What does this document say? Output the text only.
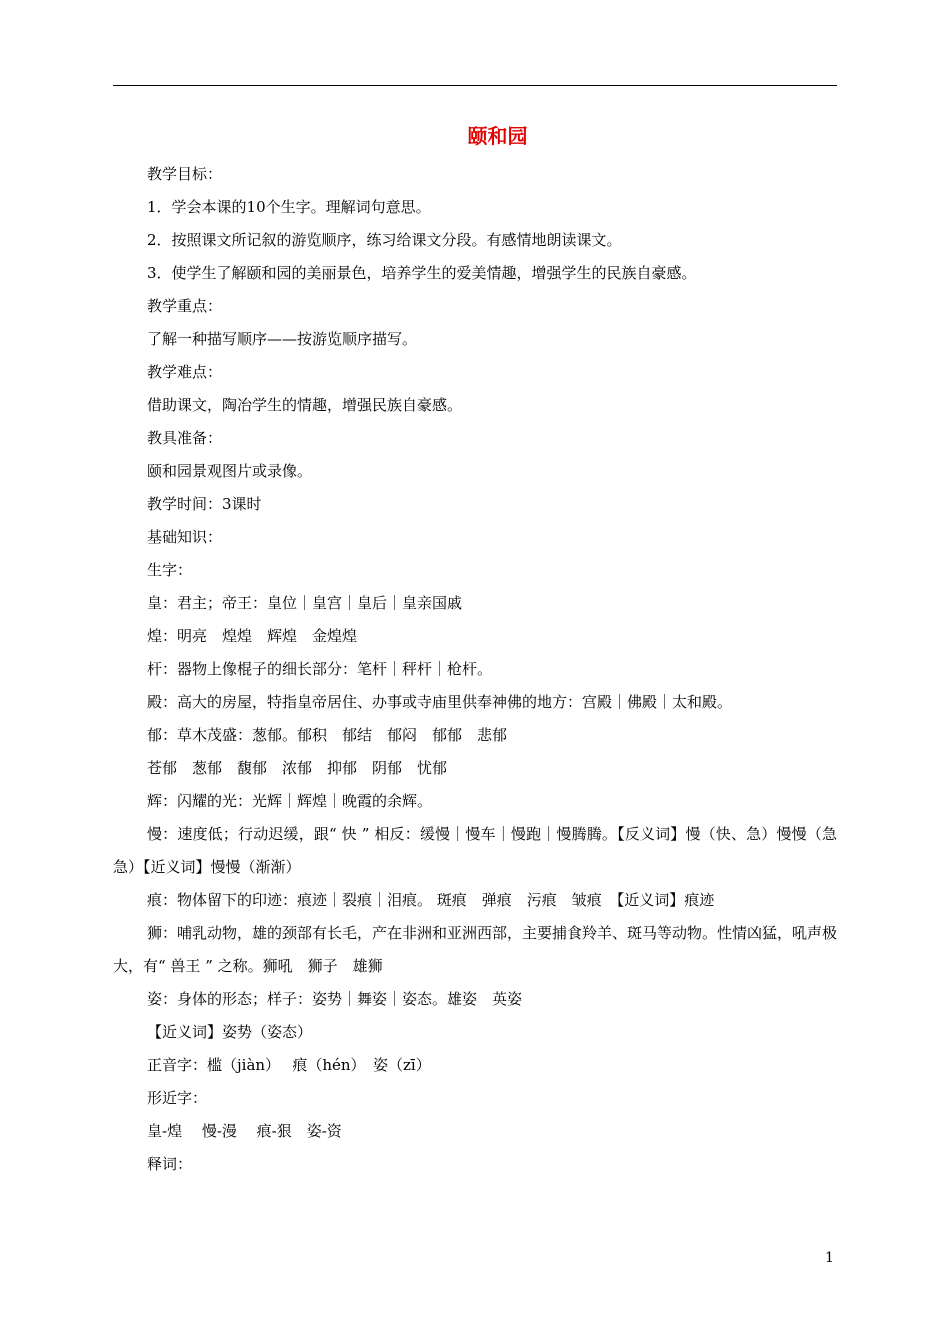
颐和园

教学目标：

1．学会本课的10个生字。理解词句意思。

2．按照课文所记叙的游览顺序，练习给课文分段。有感情地朗读课文。

3．使学生了解颐和园的美丽景色，培养学生的爱美情趣，增强学生的民族自豪感。

教学重点：

了解一种描写顺序——按游览顺序描写。

教学难点：

借助课文，陶冶学生的情趣，增强民族自豪感。

教具准备：

颐和园景观图片或录像。

教学时间：3课时

基础知识：

生字：

皇：君主；帝王：皇位｜皇宫｜皇后｜皇亲国戚

煌：明亮　煌煌　辉煌　金煌煌

杆：器物上像棍子的细长部分：笔杆｜秤杆｜枪杆。

殿：高大的房屋，特指皇帝居住、办事或寺庙里供奉神佛的地方：宫殿｜佛殿｜太和殿。

郁：草木茂盛：葱郁。郁积　郁结　郁闷　郁郁　悲郁

苍郁　葱郁　馥郁　浓郁　抑郁　阴郁　忧郁

辉：闪耀的光：光辉｜辉煌｜晚霞的余辉。

慢：速度低；行动迟缓，跟“ 快 ” 相反：缓慢｜慢车｜慢跑｜慢腾腾。【反义词】慢（快、急）慢慢（急急）【近义词】慢慢（渐渐）

痕：物体留下的印迹：痕迹｜裂痕｜泪痕。 斑痕　弹痕　污痕　皱痕　【近义词】痕迹

狮：哺乳动物，雄的颈部有长毛，产在非洲和亚洲西部，主要捕食羚羊、斑马等动物。性情凶猛，吼声极大，有“ 兽王 ” 之称。狮吼　狮子　雄狮

姿：身体的形态；样子：姿势｜舞姿｜姿态。雄姿　英姿

【近义词】姿势（姿态）

正音字：槛（jiàn）　 痕（hén）　姿（zī）

形近字：

皇-煌　 慢-漫　 痕-狠　姿-资

释词：

1
